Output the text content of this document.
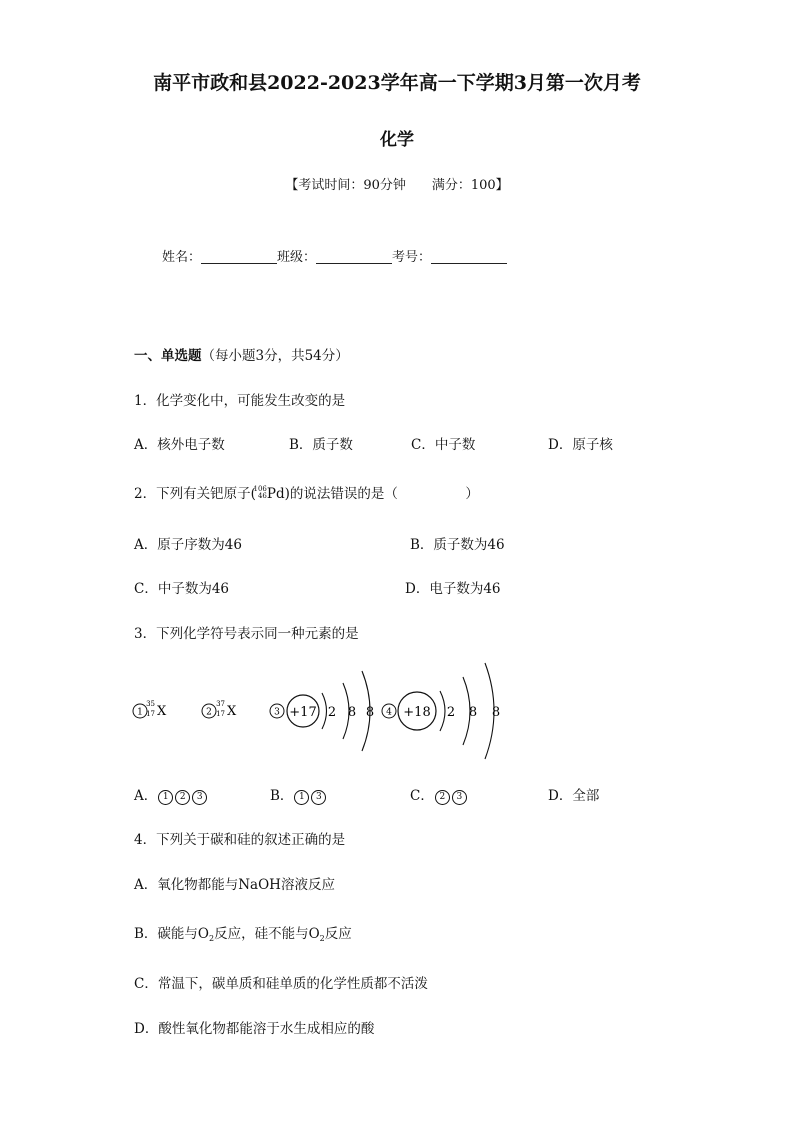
南平市政和县2022-2023学年高一下学期3月第一次月考
化学
【考试时间：90分钟 满分：100】
姓名：	班级：	考号：
一、单选题（每小题3分，共54分）
1．化学变化中，可能发生改变的是
A．核外电子数	B．质子数	C．中子数	D．原子核
2．下列有关钯原子(
106
46 Pd)的说法错误的是（　　　　　）
A．原子序数为46	B．质子数为46
C．中子数为46	D．电子数为46
3．下列化学符号表示同一种元素的是
1
35
17 X	2
37
17 X	3 +17 2 8 8 4 +18 2 8 8
A． 1 2 3	B． 1 3	C． 2 3	D．全部
4．下列关于碳和硅的叙述正确的是
A．氧化物都能与NaOH溶液反应
B．碳能与$O_2$反应，硅不能与$O_2$反应
C．常温下，碳单质和硅单质的化学性质都不活泼
D．酸性氧化物都能溶于水生成相应的酸
